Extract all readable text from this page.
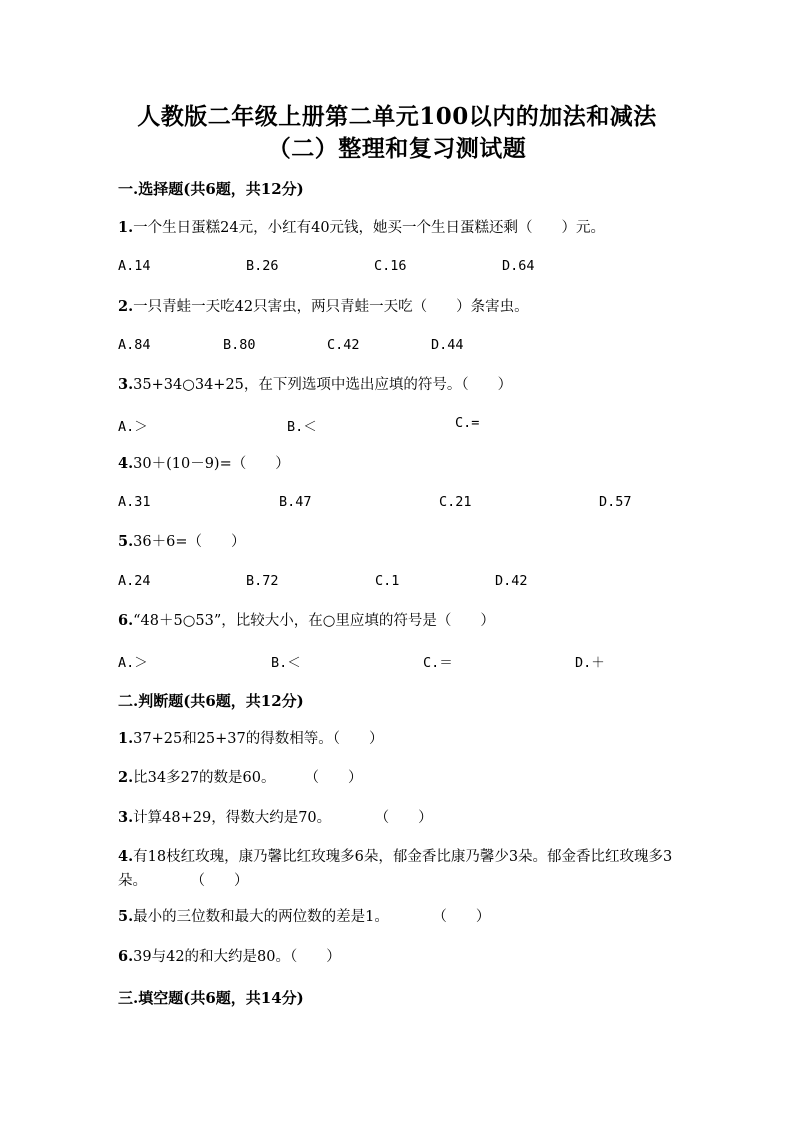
人教版二年级上册第二单元100以内的加法和减法
（二）整理和复习测试题
一.选择题(共6题，共12分)
1.一个生日蛋糕24元，小红有40元钱，她买一个生日蛋糕还剩（　　）元。
A.14	B.26	C.16	D.64
2.一只青蛙一天吃42只害虫，两只青蛙一天吃（　　）条害虫。
A.84	B.80	C.42	D.44
3.35+34○34+25，在下列选项中选出应填的符号。（　　）
A.＞	B.＜	C.=
4.30＋(10－9)=（　　）
A.31	B.47	C.21	D.57
5.36＋6=（　　）
A.24	B.72	C.1	D.42
6.“48＋5○53”，比较大小，在○里应填的符号是（　　）
A.＞	B.＜	C.＝	D.＋
二.判断题(共6题，共12分)
1.37+25和25+37的得数相等。（　　）
2.比34多27的数是60。　　　（　　）
3.计算48+29，得数大约是70。　　　　（　　）
4.有18枝红玫瑰，康乃馨比红玫瑰多6朵，郁金香比康乃馨少3朵。郁金香比红玫瑰多3朵。　　　　（　　）
5.最小的三位数和最大的两位数的差是1。　　　　（　　）
6.39与42的和大约是80。（　　）
三.填空题(共6题，共14分)
